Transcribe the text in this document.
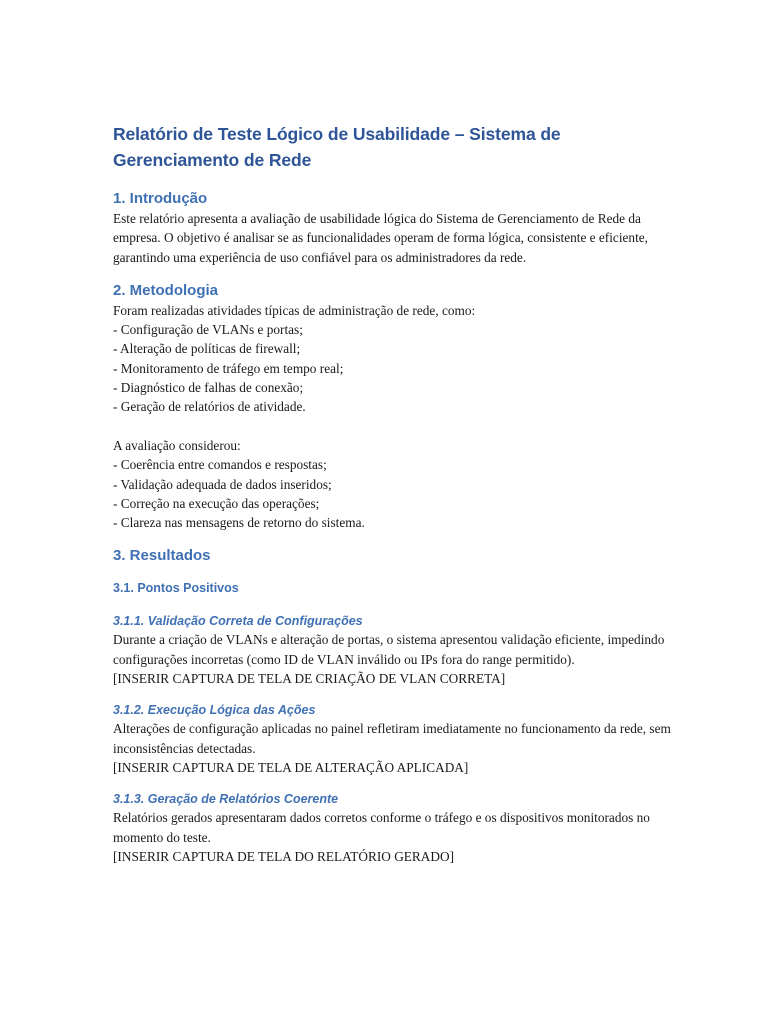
Relatório de Teste Lógico de Usabilidade – Sistema de Gerenciamento de Rede
1. Introdução

Este relatório apresenta a avaliação de usabilidade lógica do Sistema de Gerenciamento de Rede da empresa. O objetivo é analisar se as funcionalidades operam de forma lógica, consistente e eficiente, garantindo uma experiência de uso confiável para os administradores da rede.

2. Metodologia

Foram realizadas atividades típicas de administração de rede, como:

- Configuração de VLANs e portas;

- Alteração de políticas de firewall;

- Monitoramento de tráfego em tempo real;

- Diagnóstico de falhas de conexão;

- Geração de relatórios de atividade.

A avaliação considerou:

- Coerência entre comandos e respostas;

- Validação adequada de dados inseridos;

- Correção na execução das operações;

- Clareza nas mensagens de retorno do sistema.

3. Resultados
3.1. Pontos Positivos
3.1.1. Validação Correta de Configurações

Durante a criação de VLANs e alteração de portas, o sistema apresentou validação eficiente, impedindo configurações incorretas (como ID de VLAN inválido ou IPs fora do range permitido).

[INSERIR CAPTURA DE TELA DE CRIAÇÃO DE VLAN CORRETA]

3.1.2. Execução Lógica das Ações

Alterações de configuração aplicadas no painel refletiram imediatamente no funcionamento da rede, sem inconsistências detectadas.

[INSERIR CAPTURA DE TELA DE ALTERAÇÃO APLICADA]

3.1.3. Geração de Relatórios Coerente

Relatórios gerados apresentaram dados corretos conforme o tráfego e os dispositivos monitorados no momento do teste.

[INSERIR CAPTURA DE TELA DO RELATÓRIO GERADO]
